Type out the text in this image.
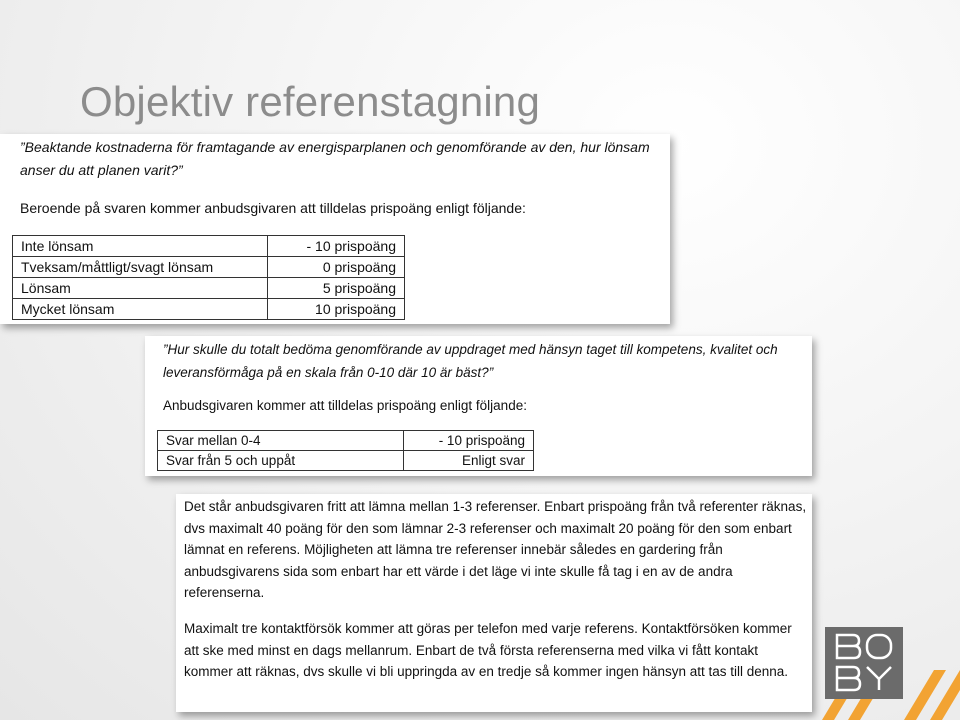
Objektiv referenstagning

”Beaktande kostnaderna för framtagande av energisparplanen och genomförande av den, hur lönsam anser du att planen varit?”

Beroende på svaren kommer anbudsgivaren att tilldelas prispoäng enligt följande:

Inte lönsam	- 10 prispoäng
Tveksam/måttligt/svagt lönsam	0 prispoäng
Lönsam	5 prispoäng
Mycket lönsam	10 prispoäng

”Hur skulle du totalt bedöma genomförande av uppdraget med hänsyn taget till kompetens, kvalitet och leveransförmåga på en skala från 0-10 där 10 är bäst?”

Anbudsgivaren kommer att tilldelas prispoäng enligt följande:

Svar mellan 0-4	- 10 prispoäng
Svar från 5 och uppåt	Enligt svar

Det står anbudsgivaren fritt att lämna mellan 1-3 referenser. Enbart prispoäng från två referenter räknas, dvs maximalt 40 poäng för den som lämnar 2-3 referenser och maximalt 20 poäng för den som enbart lämnat en referens. Möjligheten att lämna tre referenser innebär således en gardering från anbudsgivarens sida som enbart har ett värde i det läge vi inte skulle få tag i en av de andra referenserna.

Maximalt tre kontaktförsök kommer att göras per telefon med varje referens. Kontaktförsöken kommer att ske med minst en dags mellanrum. Enbart de två första referenserna med vilka vi fått kontakt kommer att räknas, dvs skulle vi bli uppringda av en tredje så kommer ingen hänsyn att tas till denna.
